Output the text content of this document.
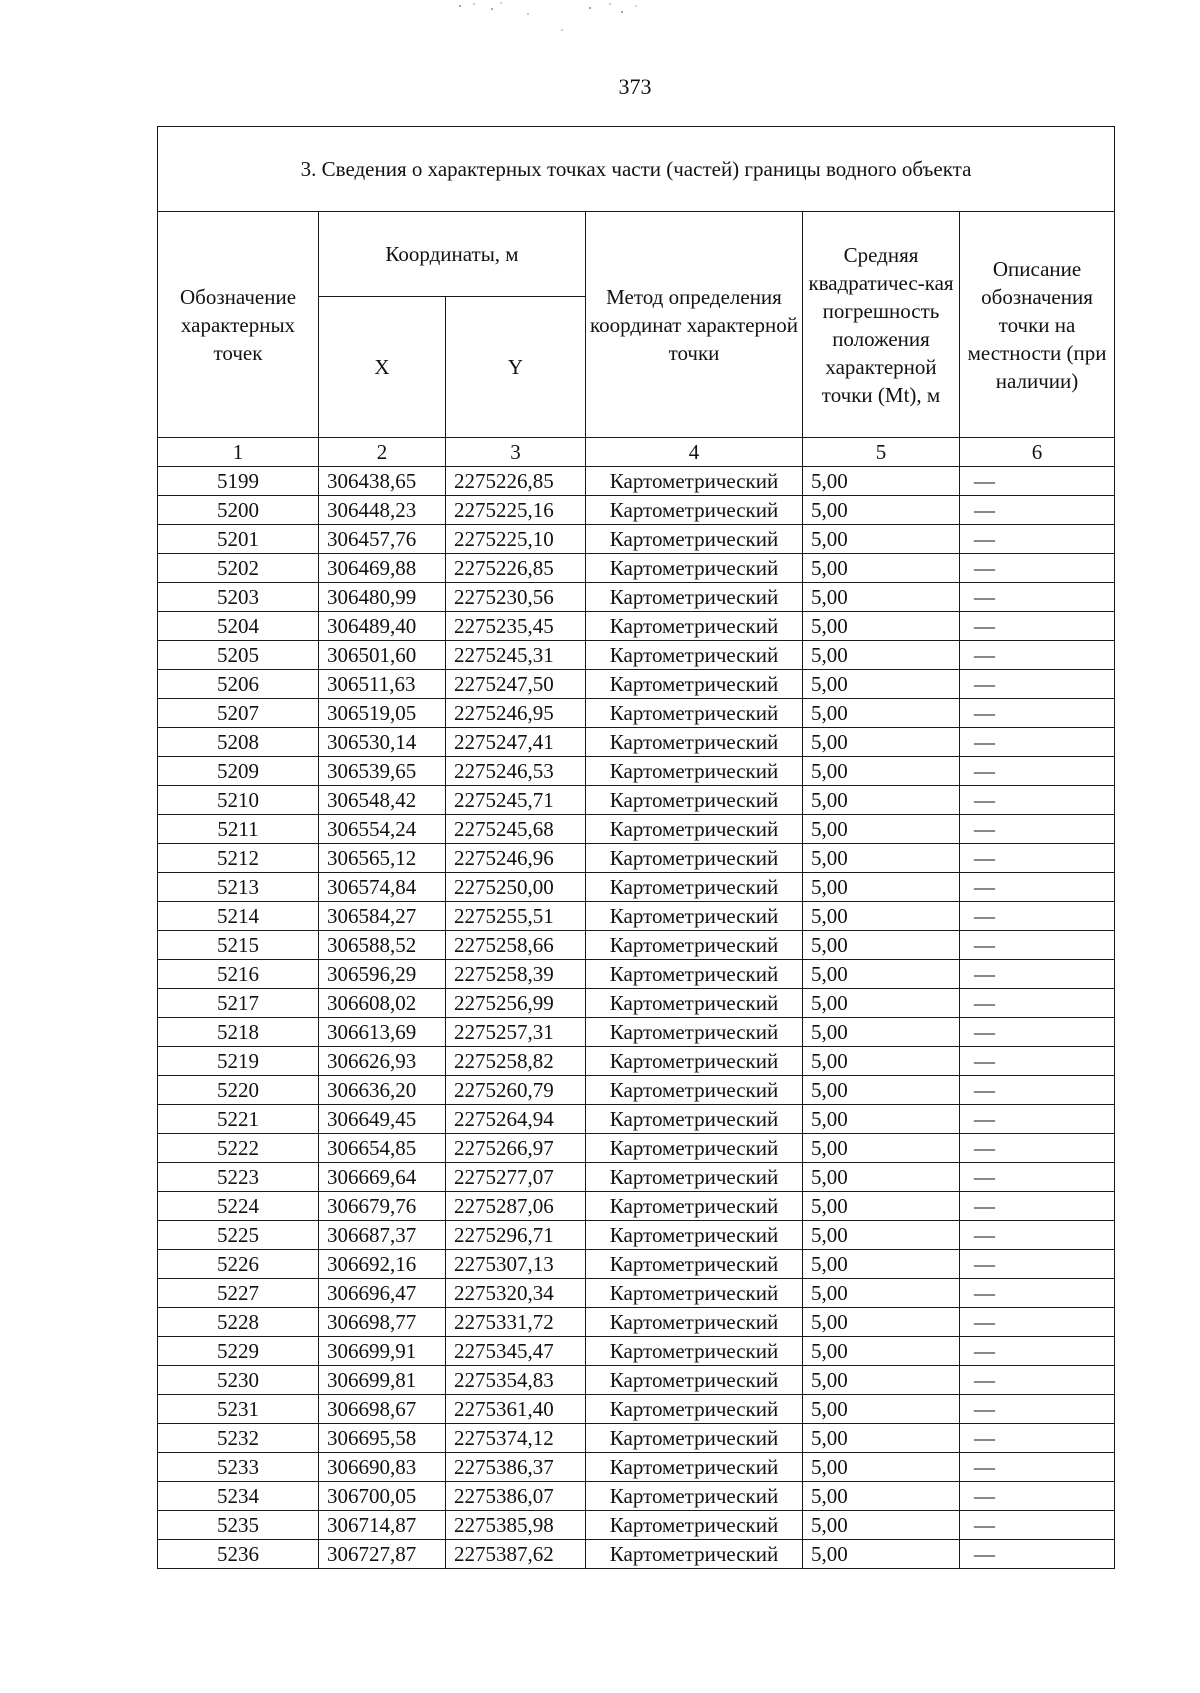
373
3. Сведения о характерных точках части (частей) границы водного объекта					
Обозначение характерных точек	Координаты, м		Метод определения координат характерной точки	Средняя квадратичес-кая погрешность положения характерной точки (Mt), м	Описание обозначения точки на местности (при наличии)
	X	Y			
1	2	3	4	5	6
5199	306438,65	2275226,85	Картометрический	5,00	—
5200	306448,23	2275225,16	Картометрический	5,00	—
5201	306457,76	2275225,10	Картометрический	5,00	—
5202	306469,88	2275226,85	Картометрический	5,00	—
5203	306480,99	2275230,56	Картометрический	5,00	—
5204	306489,40	2275235,45	Картометрический	5,00	—
5205	306501,60	2275245,31	Картометрический	5,00	—
5206	306511,63	2275247,50	Картометрический	5,00	—
5207	306519,05	2275246,95	Картометрический	5,00	—
5208	306530,14	2275247,41	Картометрический	5,00	—
5209	306539,65	2275246,53	Картометрический	5,00	—
5210	306548,42	2275245,71	Картометрический	5,00	—
5211	306554,24	2275245,68	Картометрический	5,00	—
5212	306565,12	2275246,96	Картометрический	5,00	—
5213	306574,84	2275250,00	Картометрический	5,00	—
5214	306584,27	2275255,51	Картометрический	5,00	—
5215	306588,52	2275258,66	Картометрический	5,00	—
5216	306596,29	2275258,39	Картометрический	5,00	—
5217	306608,02	2275256,99	Картометрический	5,00	—
5218	306613,69	2275257,31	Картометрический	5,00	—
5219	306626,93	2275258,82	Картометрический	5,00	—
5220	306636,20	2275260,79	Картометрический	5,00	—
5221	306649,45	2275264,94	Картометрический	5,00	—
5222	306654,85	2275266,97	Картометрический	5,00	—
5223	306669,64	2275277,07	Картометрический	5,00	—
5224	306679,76	2275287,06	Картометрический	5,00	—
5225	306687,37	2275296,71	Картометрический	5,00	—
5226	306692,16	2275307,13	Картометрический	5,00	—
5227	306696,47	2275320,34	Картометрический	5,00	—
5228	306698,77	2275331,72	Картометрический	5,00	—
5229	306699,91	2275345,47	Картометрический	5,00	—
5230	306699,81	2275354,83	Картометрический	5,00	—
5231	306698,67	2275361,40	Картометрический	5,00	—
5232	306695,58	2275374,12	Картометрический	5,00	—
5233	306690,83	2275386,37	Картометрический	5,00	—
5234	306700,05	2275386,07	Картометрический	5,00	—
5235	306714,87	2275385,98	Картометрический	5,00	—
5236	306727,87	2275387,62	Картометрический	5,00	—
